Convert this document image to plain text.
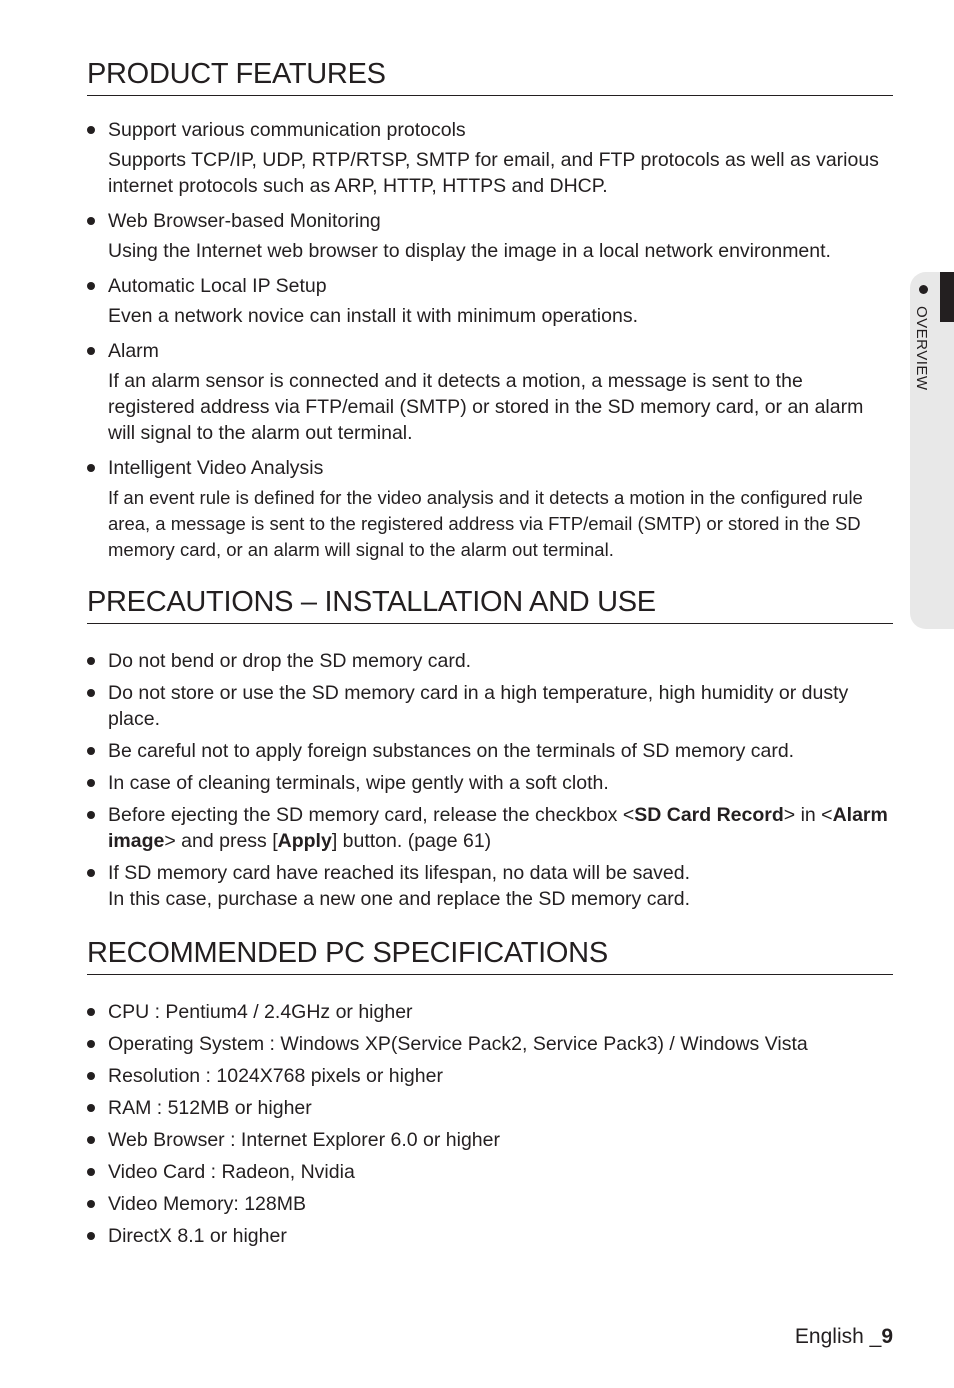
OVERVIEW
PRODUCT FEATURES

Support various communication protocols

Supports TCP/IP, UDP, RTP/RTSP, SMTP for email, and FTP protocols as well as various internet protocols such as ARP, HTTP, HTTPS and DHCP.

Web Browser-based Monitoring

Using the Internet web browser to display the image in a local network environment.

Automatic Local IP Setup

Even a network novice can install it with minimum operations.

Alarm

If an alarm sensor is connected and it detects a motion, a message is sent to the registered address via FTP/email (SMTP) or stored in the SD memory card, or an alarm will signal to the alarm out terminal.

Intelligent Video Analysis

If an event rule is defined for the video analysis and it detects a motion in the configured rule area, a message is sent to the registered address via FTP/email (SMTP) or stored in the SD memory card, or an alarm will signal to the alarm out terminal.

PRECAUTIONS – INSTALLATION AND USE
Do not bend or drop the SD memory card.
Do not store or use the SD memory card in a high temperature, high humidity or dusty place.
Be careful not to apply foreign substances on the terminals of SD memory card.
In case of cleaning terminals, wipe gently with a soft cloth.
Before ejecting the SD memory card, release the checkbox <SD Card Record> in <Alarm image> and press [Apply] button. (page 61)
If SD memory card have reached its lifespan, no data will be saved.
In this case, purchase a new one and replace the SD memory card.
RECOMMENDED PC SPECIFICATIONS
CPU : Pentium4 / 2.4GHz or higher
Operating System : Windows XP(Service Pack2, Service Pack3) / Windows Vista
Resolution : 1024X768 pixels or higher
RAM : 512MB or higher
Web Browser : Internet Explorer 6.0 or higher
Video Card : Radeon, Nvidia
Video Memory: 128MB
DirectX 8.1 or higher
English _9
